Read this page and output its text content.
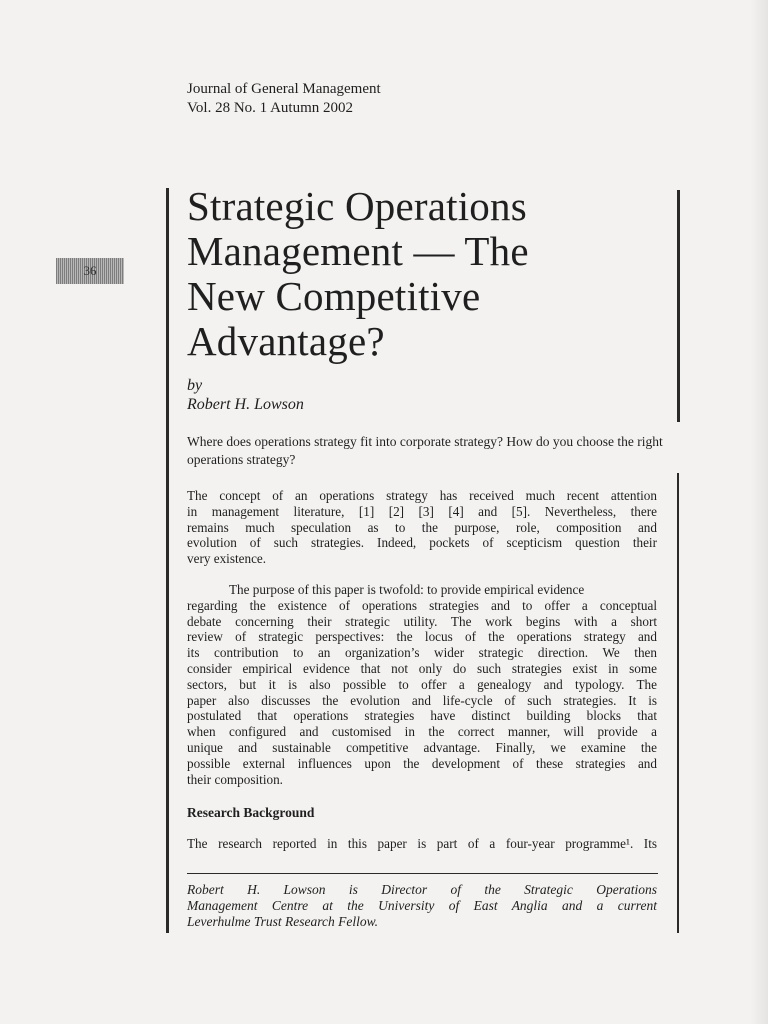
Journal of General Management
Vol. 28 No. 1 Autumn 2002
36
Strategic Operations
Management — The
New Competitive
Advantage?
by
Robert H. Lowson
Where does operations strategy fit into corporate strategy? How do you choose the right
operations strategy?
The concept of an operations strategy has received much recent attention
in management literature, [1] [2] [3] [4] and [5]. Nevertheless, there
remains much speculation as to the purpose, role, composition and
evolution of such strategies. Indeed, pockets of scepticism question their
very existence.
The purpose of this paper is twofold: to provide empirical evidence
regarding the existence of operations strategies and to offer a conceptual
debate concerning their strategic utility. The work begins with a short
review of strategic perspectives: the locus of the operations strategy and
its contribution to an organization’s wider strategic direction. We then
consider empirical evidence that not only do such strategies exist in some
sectors, but it is also possible to offer a genealogy and typology. The
paper also discusses the evolution and life-cycle of such strategies. It is
postulated that operations strategies have distinct building blocks that
when configured and customised in the correct manner, will provide a
unique and sustainable competitive advantage. Finally, we examine the
possible external influences upon the development of these strategies and
their composition.
Research Background
The research reported in this paper is part of a four-year programme¹. Its
Robert H. Lowson is Director of the Strategic Operations
Management Centre at the University of East Anglia and a current
Leverhulme Trust Research Fellow.
